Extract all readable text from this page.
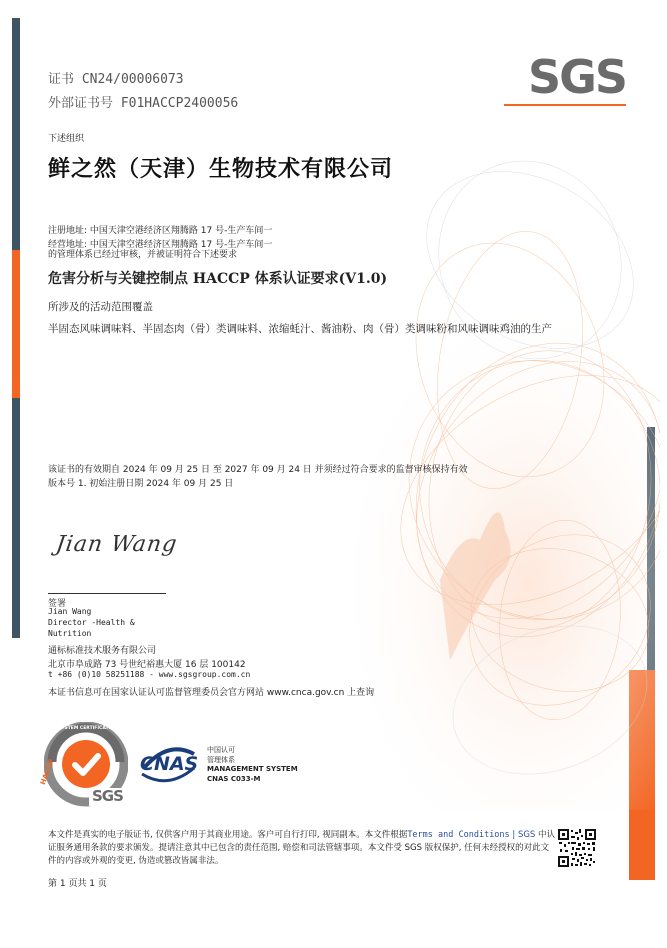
证书 CN24/00006073
外部证书号 F01HACCP2400056	SGS
下述组织
鲜之然（天津）生物技术有限公司
注册地址: 中国天津空港经济区翔腾路 17 号-生产车间一
经营地址: 中国天津空港经济区翔腾路 17 号-生产车间一
的管理体系已经过审核，并被证明符合下述要求
危害分析与关键控制点 HACCP 体系认证要求(V1.0)
所涉及的活动范围覆盖
半固态风味调味料、半固态肉（骨）类调味料、浓缩蚝汁、酱油粉、肉（骨）类调味粉和风味调味鸡油的生产
该证书的有效期自 2024 年 09 月 25 日 至 2027 年 09 月 24 日 并须经过符合要求的监督审核保持有效
版本号 1. 初始注册日期 2024 年 09 月 25 日
Jian Wang
签署
Jian Wang
Director -Health &
Nutrition
通标标准技术服务有限公司
北京市阜成路 73 号世纪裕惠大厦 16 层 100142
t +86 (0)10 58251188 - www.sgsgroup.com.cn
本证书信息可在国家认证认可监督管理委员会官方网站 www.cnca.gov.cn 上查询
SYSTEM CERTIFICATION
HACCP
SGS
CNAS
中国认可
管理体系
MANAGEMENT SYSTEM
CNAS C033-M
本文件是真实的电子版证书, 仅供客户用于其商业用途。客户可自行打印, 视同副本。本文件根据Terms and Conditions | SGS 中认证服务通用条款的要求颁发。提请注意其中已包含的责任范围, 赔偿和司法管辖事项。本文件受 SGS 版权保护, 任何未经授权的对此文件的内容或外观的变更, 伪造或篡改皆属非法。
第 1 页共 1 页
